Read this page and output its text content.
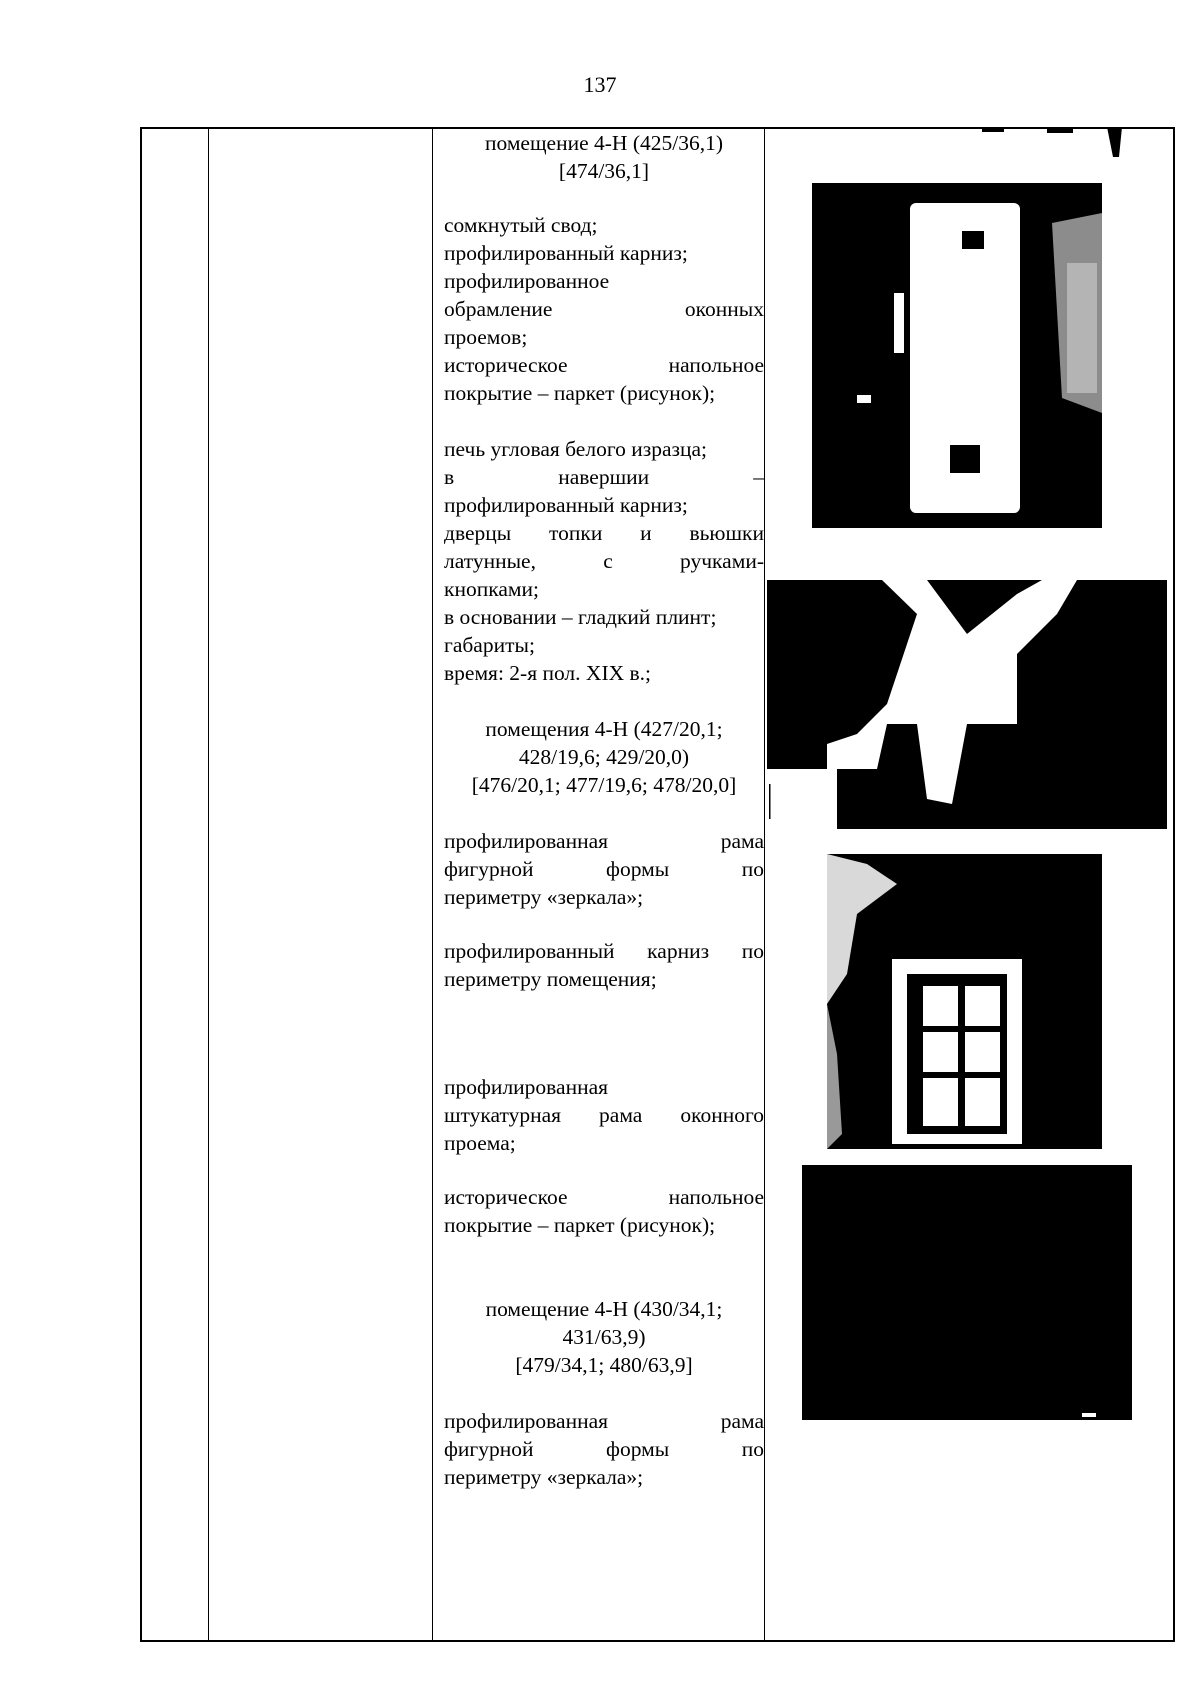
137
помещение 4-Н (425/36,1)
[474/36,1]
сомкнутый свод;
профилированный карниз;
профилированное
обрамление оконных
проемов;
историческое напольное
покрытие – паркет (рисунок);
печь угловая белого изразца;
в навершии –
профилированный карниз;
дверцы топки и вьюшки
латунные, с ручками-
кнопками;
в основании – гладкий плинт;
габариты;
время: 2-я пол. XIX в.;
помещения 4-Н (427/20,1;
428/19,6; 429/20,0)
[476/20,1; 477/19,6; 478/20,0]
профилированная рама
фигурной формы по
периметру «зеркала»;
профилированный карниз по
периметру помещения;
профилированная
штукатурная рама оконного
проема;
историческое напольное
покрытие – паркет (рисунок);
помещение 4-Н (430/34,1;
431/63,9)
[479/34,1; 480/63,9]
профилированная рама
фигурной формы по
периметру «зеркала»;
